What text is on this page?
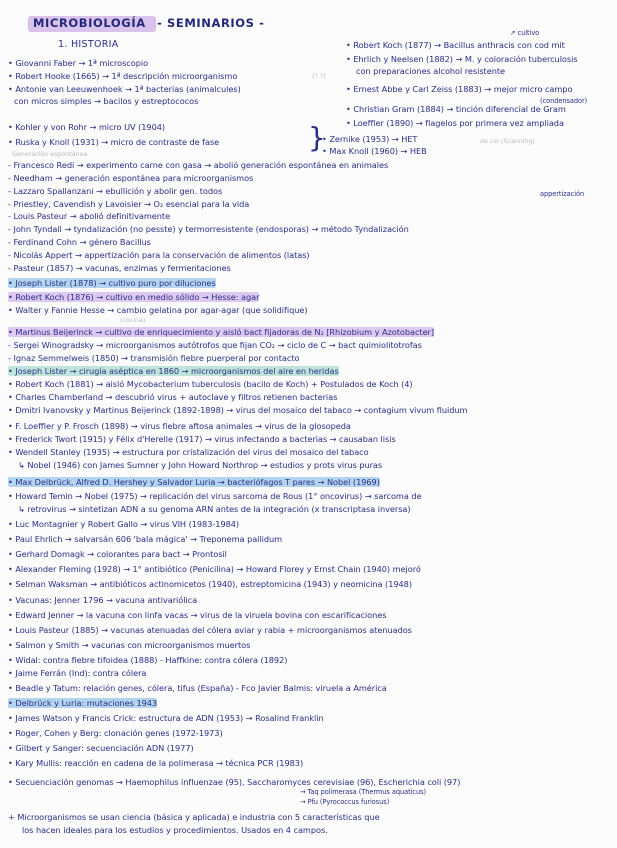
MICROBIOLOGÍA - SEMINARIOS -
1. HISTORIA
↗ cultivo
• Robert Koch (1877) → Bacillus anthracis con cod mit
• Ehrlich y Neelsen (1882) → M. y coloración tuberculosis
con preparaciones alcohol resistente
• Ernest Abbe y Carl Zeiss (1883) → mejor micro campo
(condensador)
• Christian Gram (1884) → tinción diferencial de Gram
• Loeffler (1890) → flagelos por primera vez ampliada
• Zernike (1953) → HET
• Max Knoll (1960) → HEB
de cel (Scanning)
}
• Giovanni Faber → 1ª microscopio
• Robert Hooke (1665) → 1ª descripción microorganismo	(? ?)
• Antonie van Leeuwenhoek → 1ª bacterias (animalcules)
con micros simples → bacilos y estreptococos
• Kohler y von Rohr → micro UV (1904)
• Ruska y Knoll (1931) → micro de contraste de fase
Generación espontánea
- Francesco Redi → experimento carne con gasa → abolió generación espontánea en animales
- Needham → generación espontánea para microorganismos
- Lazzaro Spallanzani → ebullición y abolir gen. todos
- Priestley, Cavendish y Lavoisier → O₂ esencial para la vida
appertización
- Louis Pasteur → abolió definitivamente
- John Tyndall → tyndalización (no pesste) y termorresistente (endosporas) → método Tyndalización
- Ferdinand Cohn → género Bacillus
- Nicolás Appert → appertización para la conservación de alimentos (latas)
- Pasteur (1857) → vacunas, enzimas y fermentaciones
• Joseph Lister (1878) → cultivo puro por diluciones
• Robert Koch (1876) → cultivo en medio sólido → Hesse: agar
• Walter y Fannie Hesse → cambio gelatina por agar-agar (que solidifique)
(cocina)
• Martinus Beijerinck → cultivo de enriquecimiento y aisló bact fijadoras de N₂ [Rhizobium y Azotobacter]
- Sergei Winogradsky → microorganismos autótrofos que fijan CO₂ → ciclo de C → bact quimiolitotrofas
- Ignaz Semmelweis (1850) → transmisión fiebre puerperal por contacto
• Joseph Lister → cirugía aséptica en 1860 → microorganismos del aire en heridas
• Robert Koch (1881) → aisló Mycobacterium tuberculosis (bacilo de Koch) + Postulados de Koch (4)
• Charles Chamberland → descubrió virus + autoclave y filtros retienen bacterias
• Dmitri Ivanovsky y Martinus Beijerinck (1892-1898) → virus del mosaico del tabaco → contagium vivum fluidum
• F. Loeffler y P. Frosch (1898) → virus fiebre aftosa animales → virus de la glosopeda
• Frederick Twort (1915) y Félix d'Herelle (1917) → virus infectando a bacterias → causaban lisis
• Wendell Stanley (1935) → estructura por cristalización del virus del mosaico del tabaco
↳ Nobel (1946) con James Sumner y John Howard Northrop → estudios y prots virus puras
• Max Delbrück, Alfred D. Hershey y Salvador Luria → bacteriófagos T pares → Nobel (1969)
• Howard Temin → Nobel (1975) → replicación del virus sarcoma de Rous (1° oncovirus) → sarcoma de
↳ retrovirus → sintetizan ADN a su genoma ARN antes de la integración (x transcriptasa inversa)
• Luc Montagnier y Robert Gallo → virus VIH (1983-1984)
• Paul Ehrlich → salvarsán 606 'bala mágica' → Treponema pallidum
• Gerhard Domagk → colorantes para bact → Prontosil
• Alexander Fleming (1928) → 1° antibiótico (Penicilina) → Howard Florey y Ernst Chain (1940) mejoró
• Selman Waksman → antibióticos actinomicetos (1940), estreptomicina (1943) y neomicina (1948)
• Vacunas: Jenner 1796 → vacuna antivariólica
• Edward Jenner → la vacuna con linfa vacas → virus de la viruela bovina con escarificaciones
• Louis Pasteur (1885) → vacunas atenuadas del cólera aviar y rabia + microorganismos atenuados
• Salmon y Smith → vacunas con microorganismos muertos
• Widal: contra fiebre tifoidea (1888) - Haffkine: contra cólera (1892)
• Jaime Ferrán (Ind): contra cólera
• Beadle y Tatum: relación genes, cólera, tifus (España) - Fco Javier Balmis: viruela a América
• Delbrück y Luria: mutaciones 1943
• James Watson y Francis Crick: estructura de ADN (1953) → Rosalind Franklin
• Roger, Cohen y Berg: clonación genes (1972-1973)
• Gilbert y Sanger: secuenciación ADN (1977)
• Kary Mullis: reacción en cadena de la polimerasa → técnica PCR (1983)
• Secuenciación genomas → Haemophilus influenzae (95), Saccharomyces cerevisiae (96), Escherichia coli (97)
→ Taq polimerasa (Thermus aquaticus)
→ Pfu (Pyrococcus furiosus)
+ Microorganismos se usan ciencia (básica y aplicada) e industria con 5 características que
los hacen ideales para los estudios y procedimientos. Usados en 4 campos.
